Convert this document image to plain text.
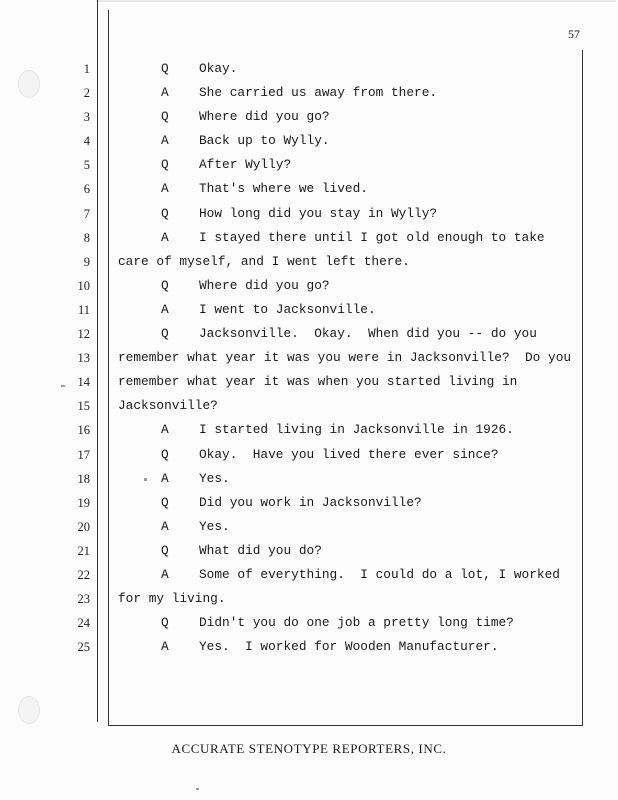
57
1
2
3
4
5
6
7
8
9
10
11
12
13
14
15
16
17
18
19
20
21
22
23
24
25
Q Okay.
A She carried us away from there.
Q Where did you go?
A Back up to Wylly.
Q After Wylly?
A That's where we lived.
Q How long did you stay in Wylly?
A I stayed there until I got old enough to take
care of myself, and I went left there.
Q Where did you go?
A I went to Jacksonville.
Q Jacksonville.  Okay.  When did you -- do you
remember what year it was you were in Jacksonville?  Do you
remember what year it was when you started living in
Jacksonville?
A I started living in Jacksonville in 1926.
Q Okay.  Have you lived there ever since?
A Yes.
Q Did you work in Jacksonville?
A Yes.
Q What did you do?
A Some of everything.  I could do a lot, I worked
for my living.
Q Didn't you do one job a pretty long time?
A Yes.  I worked for Wooden Manufacturer.
ACCURATE STENOTYPE REPORTERS, INC.
